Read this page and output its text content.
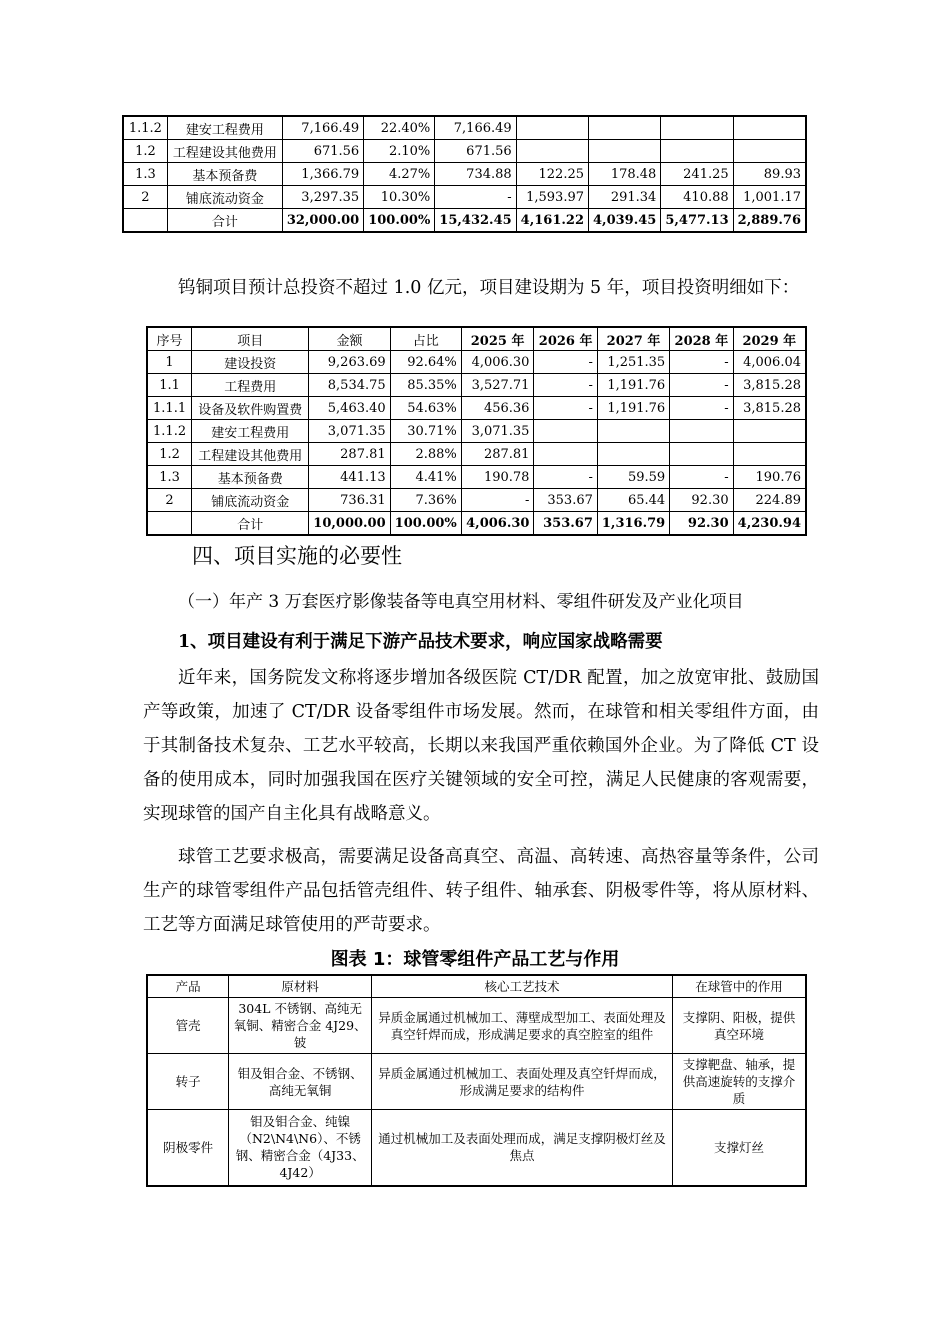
1.1.2	建安工程费用	7,166.49	22.40%	7,166.49				
1.2	工程建设其他费用	671.56	2.10%	671.56				
1.3	基本预备费	1,366.79	4.27%	734.88	122.25	178.48	241.25	89.93
2	铺底流动资金	3,297.35	10.30%	-	1,593.97	291.34	410.88	1,001.17
	合计	32,000.00	100.00%	15,432.45	4,161.22	4,039.45	5,477.13	2,889.76
钨铜项目预计总投资不超过 1.0 亿元，项目建设期为 5 年，项目投资明细如下：
序号	项目	金额	占比	2025 年	2026 年	2027 年	2028 年	2029 年
1	建设投资	9,263.69	92.64%	4,006.30	-	1,251.35	-	4,006.04
1.1	工程费用	8,534.75	85.35%	3,527.71	-	1,191.76	-	3,815.28
1.1.1	设备及软件购置费	5,463.40	54.63%	456.36	-	1,191.76	-	3,815.28
1.1.2	建安工程费用	3,071.35	30.71%	3,071.35				
1.2	工程建设其他费用	287.81	2.88%	287.81				
1.3	基本预备费	441.13	4.41%	190.78	-	59.59	-	190.76
2	铺底流动资金	736.31	7.36%	-	353.67	65.44	92.30	224.89
	合计	10,000.00	100.00%	4,006.30	353.67	1,316.79	92.30	4,230.94
四、项目实施的必要性
（一）年产 3 万套医疗影像装备等电真空用材料、零组件研发及产业化项目
1、项目建设有利于满足下游产品技术要求，响应国家战略需要
近年来，国务院发文称将逐步增加各级医院 CT/DR 配置，加之放宽审批、鼓励国产等政策，加速了 CT/DR 设备零组件市场发展。然而，在球管和相关零组件方面，由于其制备技术复杂、工艺水平较高，长期以来我国严重依赖国外企业。为了降低 CT 设备的使用成本，同时加强我国在医疗关键领域的安全可控，满足人民健康的客观需要，实现球管的国产自主化具有战略意义。
球管工艺要求极高，需要满足设备高真空、高温、高转速、高热容量等条件，公司生产的球管零组件产品包括管壳组件、转子组件、轴承套、阴极零件等，将从原材料、工艺等方面满足球管使用的严苛要求。
图表 1：球管零组件产品工艺与作用
产品	原材料	核心工艺技术	在球管中的作用
管壳	304L 不锈钢、高纯无氧铜、精密合金 4J29、铍	异质金属通过机械加工、薄壁成型加工、表面处理及真空钎焊而成，形成满足要求的真空腔室的组件	支撑阴、阳极，提供真空环境
转子	钼及钼合金、不锈钢、高纯无氧铜	异质金属通过机械加工、表面处理及真空钎焊而成，形成满足要求的结构件	支撑靶盘、轴承，提供高速旋转的支撑介质
阴极零件	钼及钼合金、纯镍（N2\N4\N6）、不锈钢、精密合金（4J33、4J42）	通过机械加工及表面处理而成，满足支撑阴极灯丝及焦点	支撑灯丝
